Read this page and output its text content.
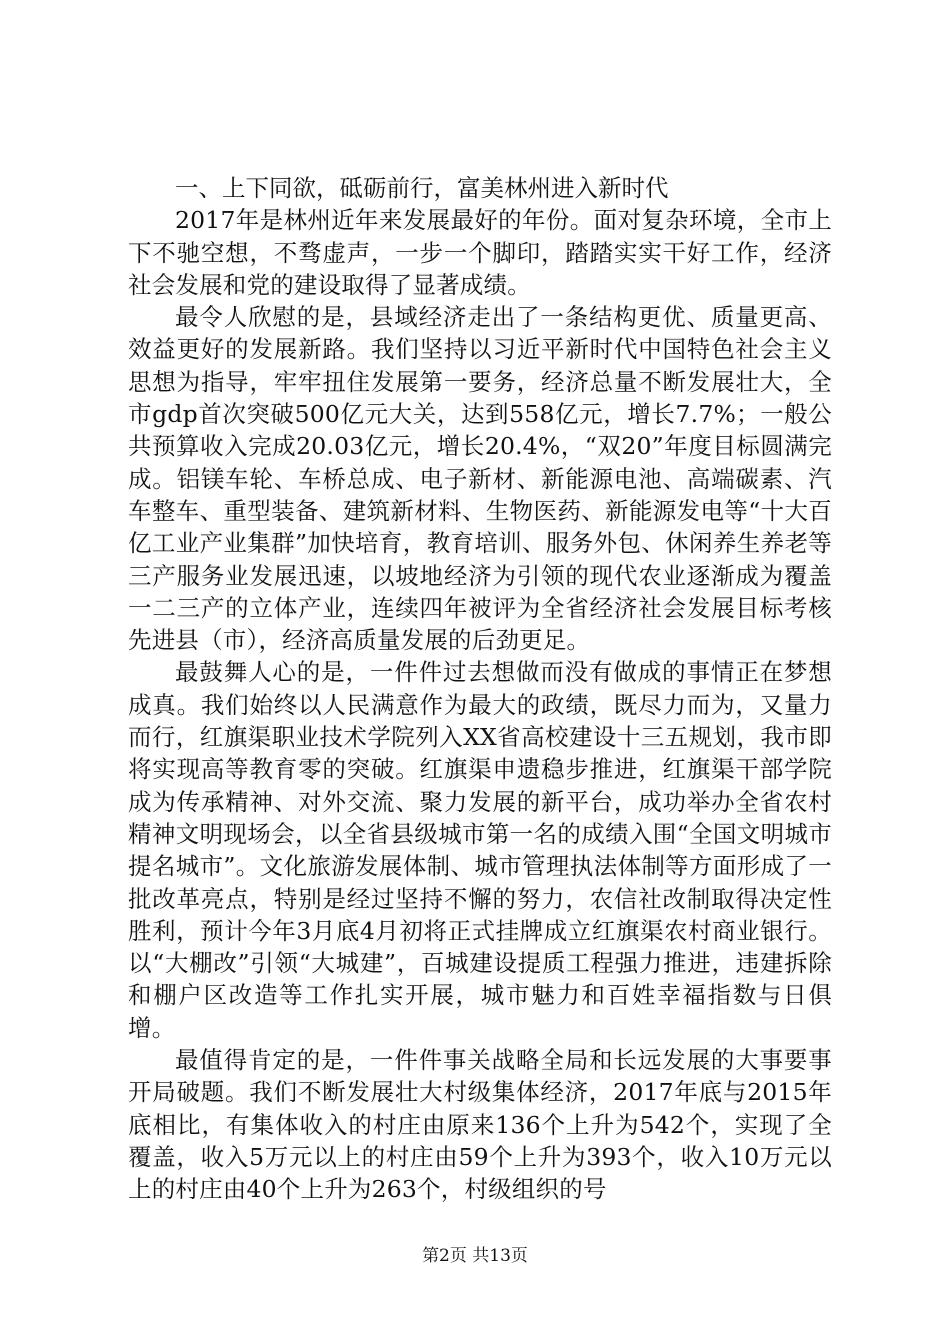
一、上下同欲，砥砺前行，富美林州进入新时代

2017年是林州近年来发展最好的年份。面对复杂环境，全市上下不驰空想，不骛虚声，一步一个脚印，踏踏实实干好工作，经济社会发展和党的建设取得了显著成绩。

最令人欣慰的是，县域经济走出了一条结构更优、质量更高、效益更好的发展新路。我们坚持以习近平新时代中国特色社会主义思想为指导，牢牢扭住发展第一要务，经济总量不断发展壮大，全市gdp首次突破500亿元大关，达到558亿元，增长7.7%；一般公共预算收入完成20.03亿元，增长20.4%，“双20”年度目标圆满完成。铝镁车轮、车桥总成、电子新材、新能源电池、高端碳素、汽车整车、重型装备、建筑新材料、生物医药、新能源发电等“十大百亿工业产业集群”加快培育，教育培训、服务外包、休闲养生养老等三产服务业发展迅速，以坡地经济为引领的现代农业逐渐成为覆盖一二三产的立体产业，连续四年被评为全省经济社会发展目标考核先进县（市），经济高质量发展的后劲更足。

最鼓舞人心的是，一件件过去想做而没有做成的事情正在梦想成真。我们始终以人民满意作为最大的政绩，既尽力而为，又量力而行，红旗渠职业技术学院列入XX省高校建设十三五规划，我市即将实现高等教育零的突破。红旗渠申遗稳步推进，红旗渠干部学院成为传承精神、对外交流、聚力发展的新平台，成功举办全省农村精神文明现场会，以全省县级城市第一名的成绩入围“全国文明城市提名城市”。文化旅游发展体制、城市管理执法体制等方面形成了一批改革亮点，特别是经过坚持不懈的努力，农信社改制取得决定性胜利，预计今年3月底4月初将正式挂牌成立红旗渠农村商业银行。以“大棚改”引领“大城建”，百城建设提质工程强力推进，违建拆除和棚户区改造等工作扎实开展，城市魅力和百姓幸福指数与日俱增。

最值得肯定的是，一件件事关战略全局和长远发展的大事要事开局破题。我们不断发展壮大村级集体经济，2017年底与2015年底相比，有集体收入的村庄由原来136个上升为542个，实现了全覆盖，收入5万元以上的村庄由59个上升为393个，收入10万元以上的村庄由40个上升为263个，村级组织的号

第2页 共13页
